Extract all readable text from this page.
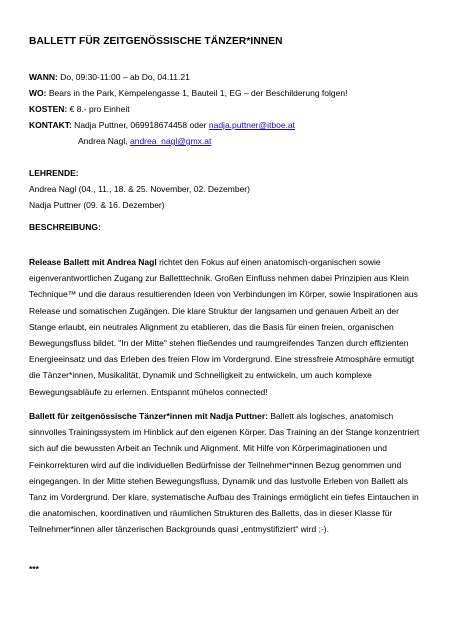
BALLETT FÜR ZEITGENÖSSISCHE TÄNZER*INNEN
WANN: Do, 09:30-11:00 – ab Do, 04.11.21
WO: Bears in the Park, Kempelengasse 1, Bauteil 1, EG – der Beschilderung folgen!
KOSTEN: € 8.- pro Einheit
KONTAKT: Nadja Puttner, 069918674458 oder nadja.puttner@itboe.at
Andrea Nagl, andrea_nagl@gmx.at
LEHRENDE:
Andrea Nagl (04., 11., 18. & 25. November, 02. Dezember)
Nadja Puttner (09. & 16. Dezember)
BESCHREIBUNG:
Release Ballett mit Andrea Nagl richtet den Fokus auf einen anatomisch-organischen sowie eigenverantwortlichen Zugang zur Balletttechnik. Großen Einfluss nehmen dabei Prinzipien aus Klein Technique™ und die daraus resultierenden Ideen von Verbindungen im Körper, sowie Inspirationen aus Release und somatischen Zugängen. Die klare Struktur der langsamen und genauen Arbeit an der Stange erlaubt, ein neutrales Alignment zu etablieren, das die Basis für einen freien, organischen Bewegungsfluss bildet. "In der Mitte" stehen fließendes und raumgreifendes Tanzen durch effizienten Energieeinsatz und das Erleben des freien Flow im Vordergrund. Eine stressfreie Atmosphäre ermutigt die Tänzer*innen, Musikalität, Dynamik und Schnelligkeit zu entwickeln, um auch komplexe Bewegungsabläufe zu erlernen. Entspannt mühelos connected!
Ballett für zeitgenössische Tänzer*innen mit Nadja Puttner: Ballett als logisches, anatomisch sinnvolles Trainingssystem im Hinblick auf den eigenen Körper. Das Training an der Stange konzentriert sich auf die bewussten Arbeit an Technik und Alignment. Mit Hilfe von Körperimaginationen und Feinkorrekturen wird auf die individuellen Bedürfnisse der Teilnehmer*innen Bezug genommen und eingegangen. In der Mitte stehen Bewegungsfluss, Dynamik und das lustvolle Erleben von Ballett als Tanz im Vordergrund. Der klare, systematische Aufbau des Trainings ermöglicht ein tiefes Eintauchen in die anatomischen, koordinativen und räumlichen Strukturen des Balletts, das in dieser Klasse für Teilnehmer*innen aller tänzerischen Backgrounds quasi „entmystifiziert“ wird ;-).
***
